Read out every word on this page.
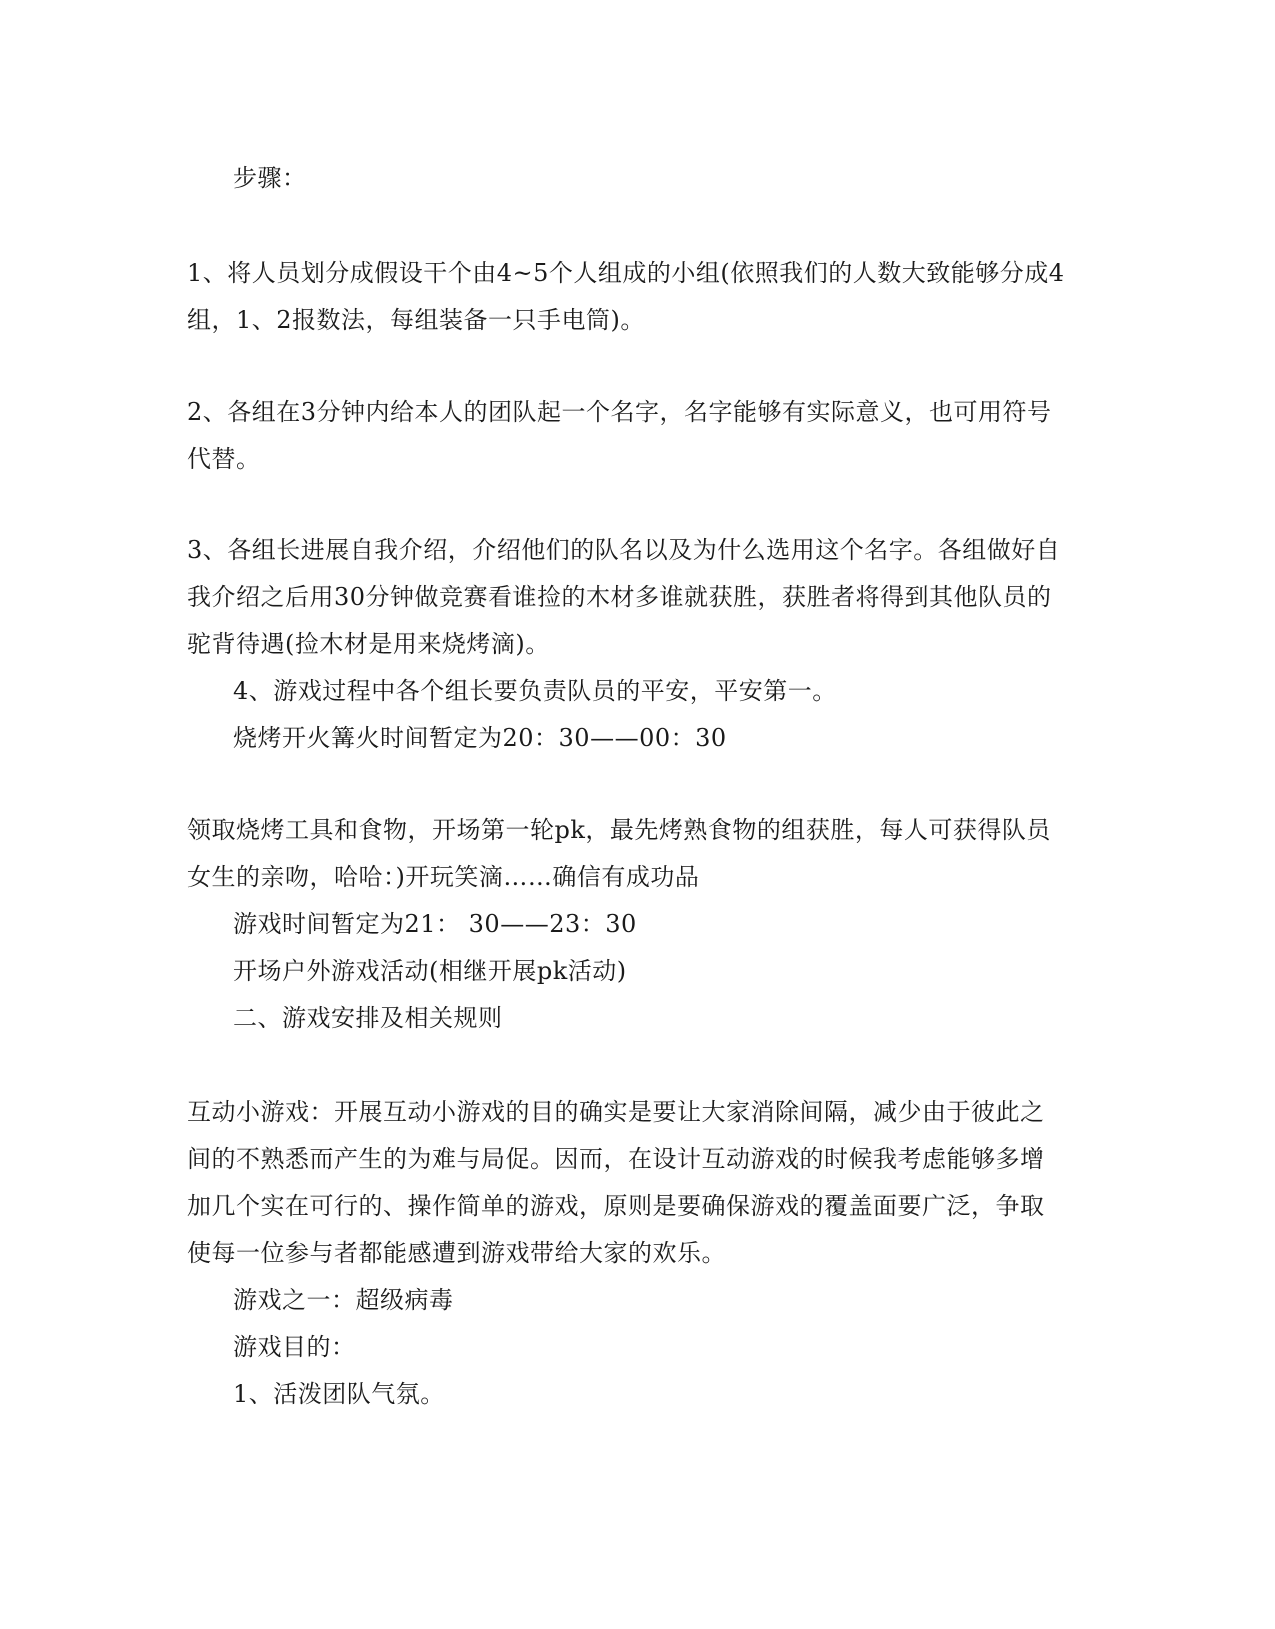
步骤：
1、将人员划分成假设干个由4~5个人组成的小组(依照我们的人数大致能够分成4
组，1、2报数法，每组装备一只手电筒)。
2、各组在3分钟内给本人的团队起一个名字，名字能够有实际意义，也可用符号
代替。
3、各组长进展自我介绍，介绍他们的队名以及为什么选用这个名字。各组做好自
我介绍之后用30分钟做竞赛看谁捡的木材多谁就获胜，获胜者将得到其他队员的
驼背待遇(捡木材是用来烧烤滴)。
4、游戏过程中各个组长要负责队员的平安，平安第一。
烧烤开火篝火时间暂定为20：30——00：30
领取烧烤工具和食物，开场第一轮pk，最先烤熟食物的组获胜，每人可获得队员
女生的亲吻，哈哈：)开玩笑滴……确信有成功品
游戏时间暂定为21： 30——23：30
开场户外游戏活动(相继开展pk活动)
二、游戏安排及相关规则
互动小游戏：开展互动小游戏的目的确实是要让大家消除间隔，减少由于彼此之
间的不熟悉而产生的为难与局促。因而，在设计互动游戏的时候我考虑能够多增
加几个实在可行的、操作简单的游戏，原则是要确保游戏的覆盖面要广泛，争取
使每一位参与者都能感遭到游戏带给大家的欢乐。
游戏之一：超级病毒
游戏目的：
1、活泼团队气氛。
